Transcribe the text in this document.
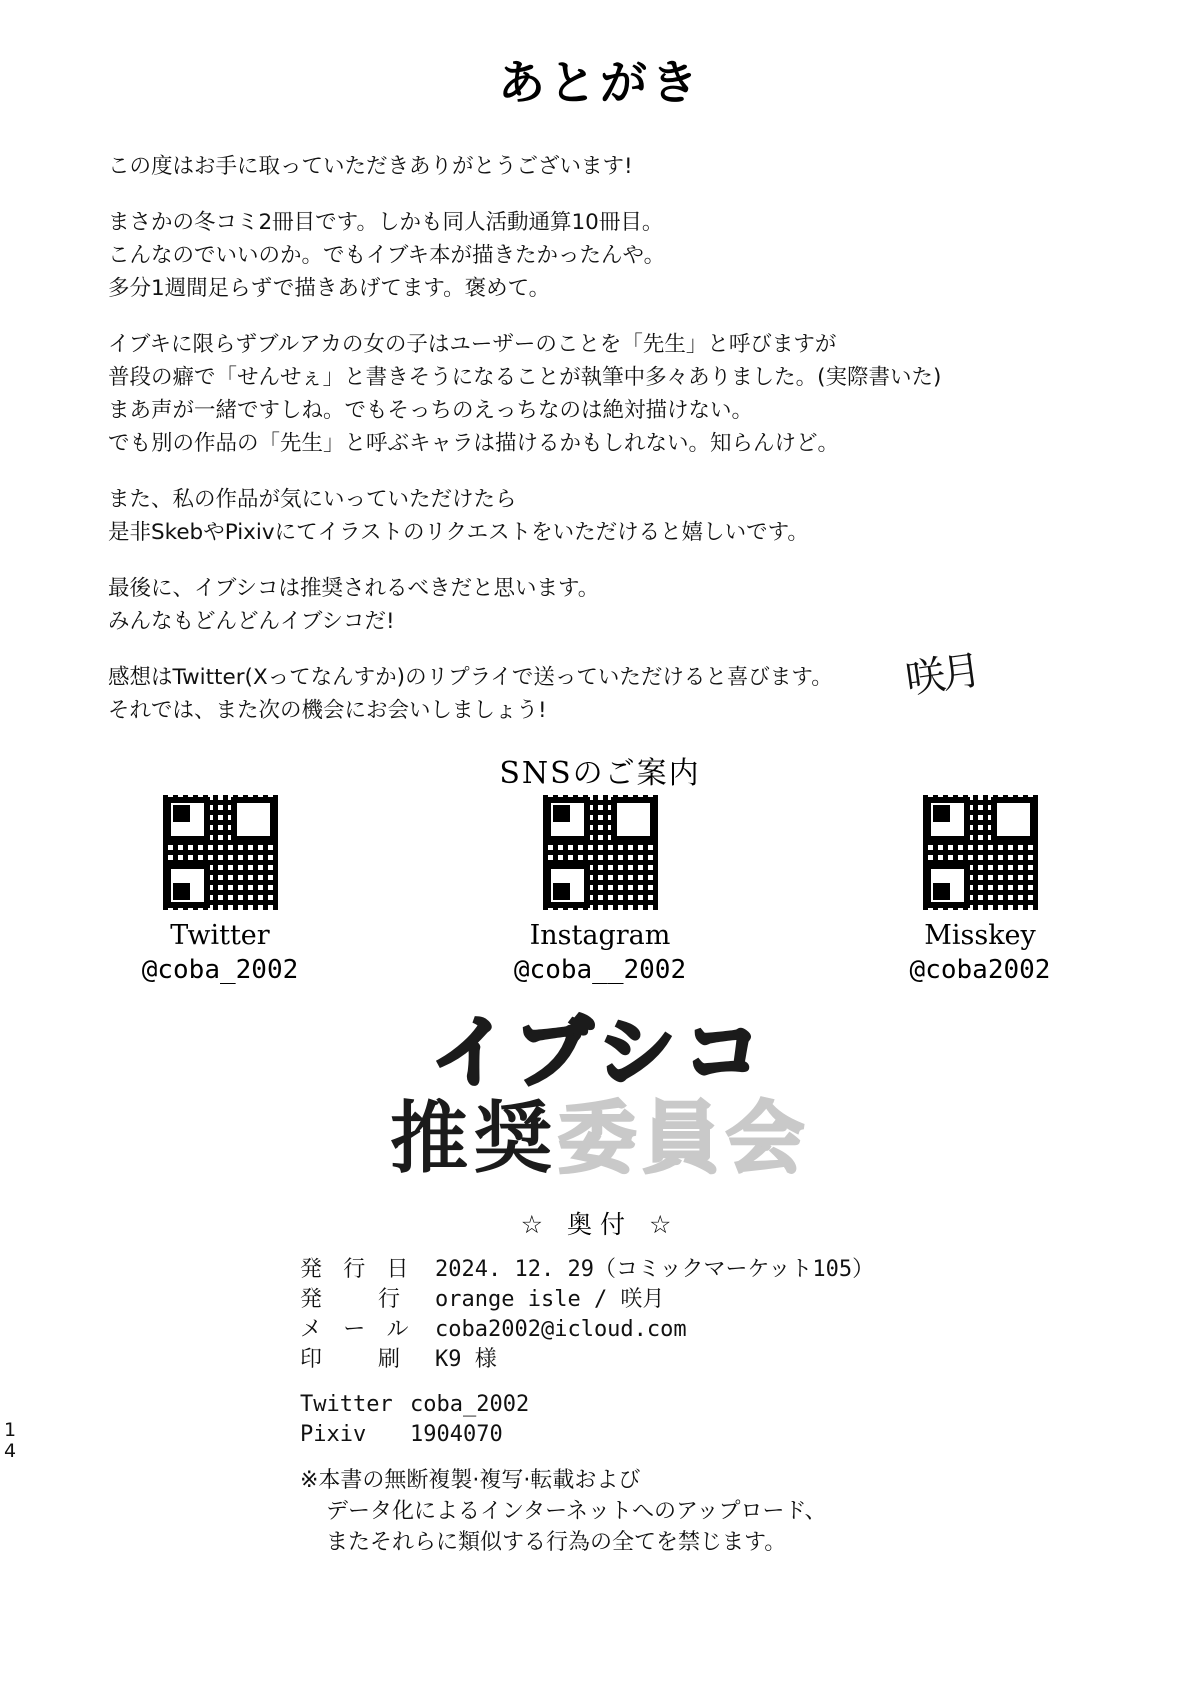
あとがき
この度はお手に取っていただきありがとうございます!
まさかの冬コミ2冊目です。しかも同人活動通算10冊目。
こんなのでいいのか。でもイブキ本が描きたかったんや。
多分1週間足らずで描きあげてます。褒めて。
イブキに限らずブルアカの女の子はユーザーのことを「先生」と呼びますが
普段の癖で「せんせぇ」と書きそうになることが執筆中多々ありました。(実際書いた)
まあ声が一緒ですしね。でもそっちのえっちなのは絶対描けない。
でも別の作品の「先生」と呼ぶキャラは描けるかもしれない。知らんけど。
また、私の作品が気にいっていただけたら
是非SkebやPixivにてイラストのリクエストをいただけると嬉しいです。
最後に、イブシコは推奨されるべきだと思います。
みんなもどんどんイブシコだ!
感想はTwitter(Xってなんすか)のリプライで送っていただけると喜びます。
それでは、また次の機会にお会いしましょう!
咲月
SNSのご案内
Twitter
@coba_2002
Instagram
@coba__2002
Misskey
@coba2002
イブシコ
推奨委員会
☆ 奥付 ☆
発 行 日	2024. 12. 29（コミックマーケット105）
発　　行	orange isle / 咲月
メ ー ル	coba2002@icloud.com
印　　刷	K9 様
Twitter coba_2002
Pixiv 1904070
※本書の無断複製·複写·転載および
データ化によるインターネットへのアップロード、
またそれらに類似する行為の全てを禁じます。
1
4
